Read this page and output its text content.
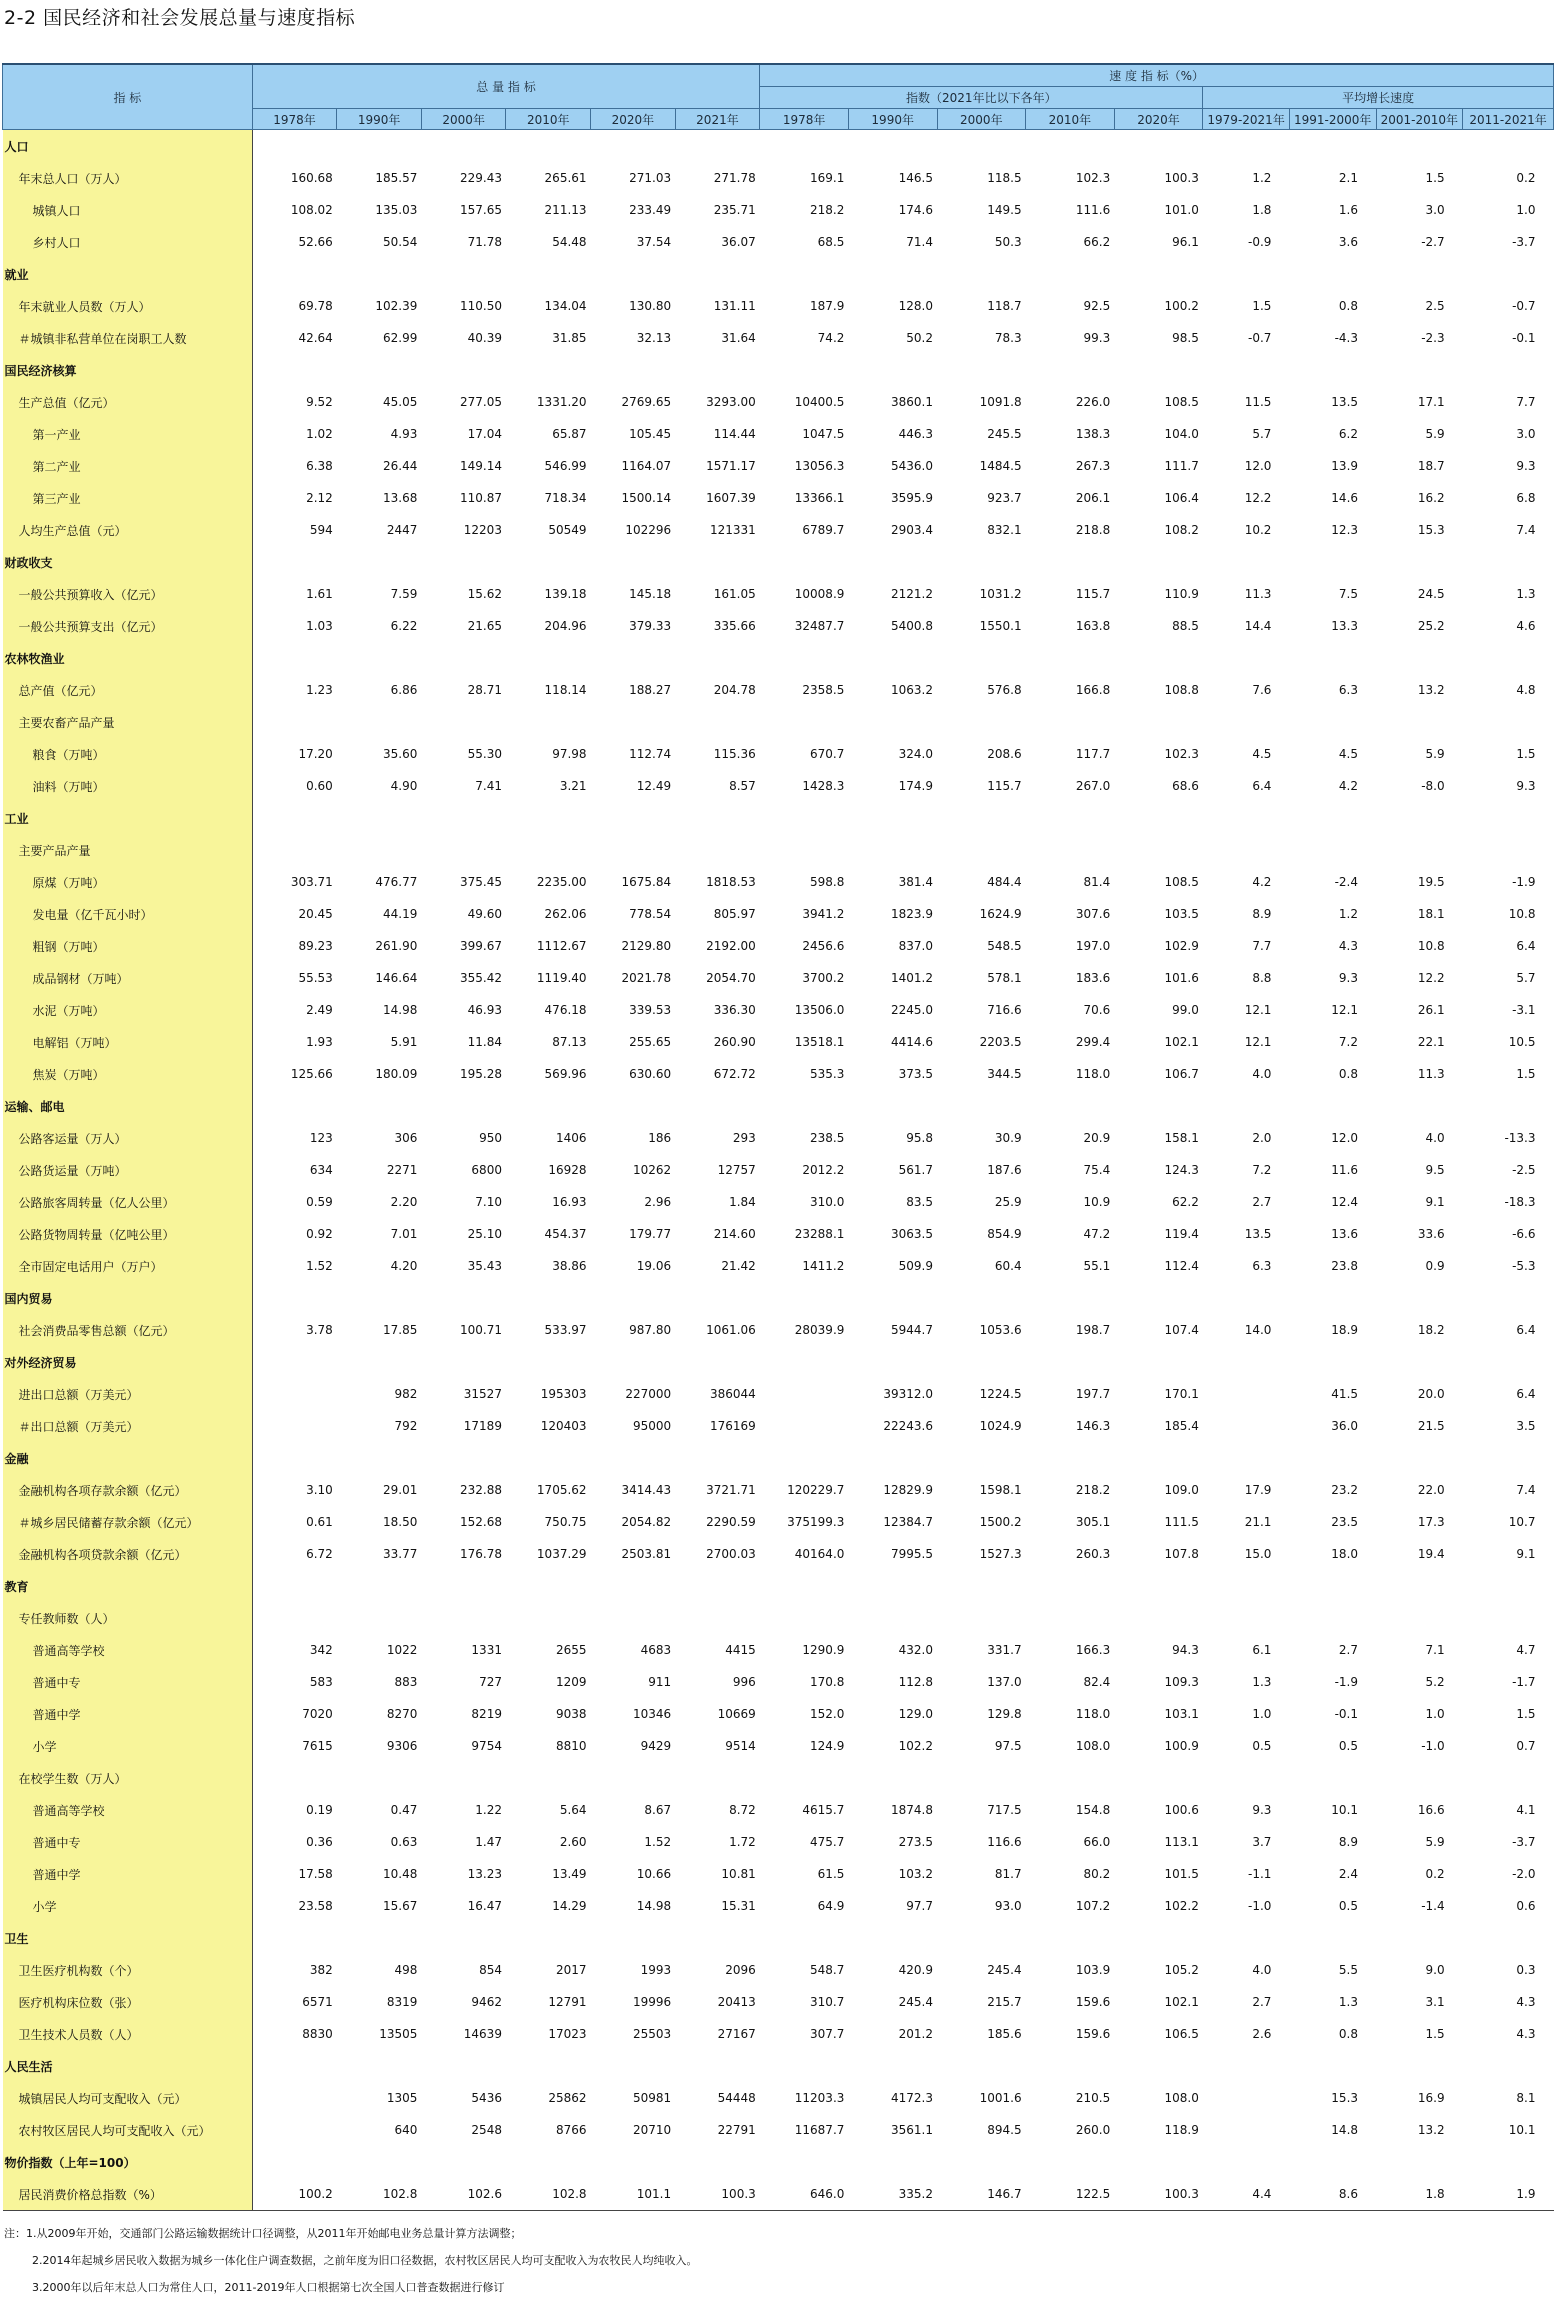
2-2 国民经济和社会发展总量与速度指标
指 标	总 量 指 标						速 度 指 标（%）								
							指数（2021年比以下各年）					平均增长速度			
	1978年	1990年	2000年	2010年	2020年	2021年	1978年	1990年	2000年	2010年	2020年	1979-2021年	1991-2000年	2001-2010年	2011-2021年
人口															
年末总人口（万人）	160.68	185.57	229.43	265.61	271.03	271.78	169.1	146.5	118.5	102.3	100.3	1.2	2.1	1.5	0.2
城镇人口	108.02	135.03	157.65	211.13	233.49	235.71	218.2	174.6	149.5	111.6	101.0	1.8	1.6	3.0	1.0
乡村人口	52.66	50.54	71.78	54.48	37.54	36.07	68.5	71.4	50.3	66.2	96.1	-0.9	3.6	-2.7	-3.7
就业															
年末就业人员数（万人）	69.78	102.39	110.50	134.04	130.80	131.11	187.9	128.0	118.7	92.5	100.2	1.5	0.8	2.5	-0.7
＃城镇非私营单位在岗职工人数	42.64	62.99	40.39	31.85	32.13	31.64	74.2	50.2	78.3	99.3	98.5	-0.7	-4.3	-2.3	-0.1
国民经济核算															
生产总值（亿元）	9.52	45.05	277.05	1331.20	2769.65	3293.00	10400.5	3860.1	1091.8	226.0	108.5	11.5	13.5	17.1	7.7
第一产业	1.02	4.93	17.04	65.87	105.45	114.44	1047.5	446.3	245.5	138.3	104.0	5.7	6.2	5.9	3.0
第二产业	6.38	26.44	149.14	546.99	1164.07	1571.17	13056.3	5436.0	1484.5	267.3	111.7	12.0	13.9	18.7	9.3
第三产业	2.12	13.68	110.87	718.34	1500.14	1607.39	13366.1	3595.9	923.7	206.1	106.4	12.2	14.6	16.2	6.8
人均生产总值（元）	594	2447	12203	50549	102296	121331	6789.7	2903.4	832.1	218.8	108.2	10.2	12.3	15.3	7.4
财政收支															
一般公共预算收入（亿元）	1.61	7.59	15.62	139.18	145.18	161.05	10008.9	2121.2	1031.2	115.7	110.9	11.3	7.5	24.5	1.3
一般公共预算支出（亿元）	1.03	6.22	21.65	204.96	379.33	335.66	32487.7	5400.8	1550.1	163.8	88.5	14.4	13.3	25.2	4.6
农林牧渔业															
总产值（亿元）	1.23	6.86	28.71	118.14	188.27	204.78	2358.5	1063.2	576.8	166.8	108.8	7.6	6.3	13.2	4.8
主要农畜产品产量															
粮食（万吨）	17.20	35.60	55.30	97.98	112.74	115.36	670.7	324.0	208.6	117.7	102.3	4.5	4.5	5.9	1.5
油料（万吨）	0.60	4.90	7.41	3.21	12.49	8.57	1428.3	174.9	115.7	267.0	68.6	6.4	4.2	-8.0	9.3
工业															
主要产品产量															
原煤（万吨）	303.71	476.77	375.45	2235.00	1675.84	1818.53	598.8	381.4	484.4	81.4	108.5	4.2	-2.4	19.5	-1.9
发电量（亿千瓦小时）	20.45	44.19	49.60	262.06	778.54	805.97	3941.2	1823.9	1624.9	307.6	103.5	8.9	1.2	18.1	10.8
粗钢（万吨）	89.23	261.90	399.67	1112.67	2129.80	2192.00	2456.6	837.0	548.5	197.0	102.9	7.7	4.3	10.8	6.4
成品钢材（万吨）	55.53	146.64	355.42	1119.40	2021.78	2054.70	3700.2	1401.2	578.1	183.6	101.6	8.8	9.3	12.2	5.7
水泥（万吨）	2.49	14.98	46.93	476.18	339.53	336.30	13506.0	2245.0	716.6	70.6	99.0	12.1	12.1	26.1	-3.1
电解铝（万吨）	1.93	5.91	11.84	87.13	255.65	260.90	13518.1	4414.6	2203.5	299.4	102.1	12.1	7.2	22.1	10.5
焦炭（万吨）	125.66	180.09	195.28	569.96	630.60	672.72	535.3	373.5	344.5	118.0	106.7	4.0	0.8	11.3	1.5
运输、邮电															
公路客运量（万人）	123	306	950	1406	186	293	238.5	95.8	30.9	20.9	158.1	2.0	12.0	4.0	-13.3
公路货运量（万吨）	634	2271	6800	16928	10262	12757	2012.2	561.7	187.6	75.4	124.3	7.2	11.6	9.5	-2.5
公路旅客周转量（亿人公里）	0.59	2.20	7.10	16.93	2.96	1.84	310.0	83.5	25.9	10.9	62.2	2.7	12.4	9.1	-18.3
公路货物周转量（亿吨公里）	0.92	7.01	25.10	454.37	179.77	214.60	23288.1	3063.5	854.9	47.2	119.4	13.5	13.6	33.6	-6.6
全市固定电话用户（万户）	1.52	4.20	35.43	38.86	19.06	21.42	1411.2	509.9	60.4	55.1	112.4	6.3	23.8	0.9	-5.3
国内贸易															
社会消费品零售总额（亿元）	3.78	17.85	100.71	533.97	987.80	1061.06	28039.9	5944.7	1053.6	198.7	107.4	14.0	18.9	18.2	6.4
对外经济贸易															
进出口总额（万美元）		982	31527	195303	227000	386044		39312.0	1224.5	197.7	170.1		41.5	20.0	6.4
＃出口总额（万美元）		792	17189	120403	95000	176169		22243.6	1024.9	146.3	185.4		36.0	21.5	3.5
金融															
金融机构各项存款余额（亿元）	3.10	29.01	232.88	1705.62	3414.43	3721.71	120229.7	12829.9	1598.1	218.2	109.0	17.9	23.2	22.0	7.4
＃城乡居民储蓄存款余额（亿元）	0.61	18.50	152.68	750.75	2054.82	2290.59	375199.3	12384.7	1500.2	305.1	111.5	21.1	23.5	17.3	10.7
金融机构各项贷款余额（亿元）	6.72	33.77	176.78	1037.29	2503.81	2700.03	40164.0	7995.5	1527.3	260.3	107.8	15.0	18.0	19.4	9.1
教育															
专任教师数（人）															
普通高等学校	342	1022	1331	2655	4683	4415	1290.9	432.0	331.7	166.3	94.3	6.1	2.7	7.1	4.7
普通中专	583	883	727	1209	911	996	170.8	112.8	137.0	82.4	109.3	1.3	-1.9	5.2	-1.7
普通中学	7020	8270	8219	9038	10346	10669	152.0	129.0	129.8	118.0	103.1	1.0	-0.1	1.0	1.5
小学	7615	9306	9754	8810	9429	9514	124.9	102.2	97.5	108.0	100.9	0.5	0.5	-1.0	0.7
在校学生数（万人）															
普通高等学校	0.19	0.47	1.22	5.64	8.67	8.72	4615.7	1874.8	717.5	154.8	100.6	9.3	10.1	16.6	4.1
普通中专	0.36	0.63	1.47	2.60	1.52	1.72	475.7	273.5	116.6	66.0	113.1	3.7	8.9	5.9	-3.7
普通中学	17.58	10.48	13.23	13.49	10.66	10.81	61.5	103.2	81.7	80.2	101.5	-1.1	2.4	0.2	-2.0
小学	23.58	15.67	16.47	14.29	14.98	15.31	64.9	97.7	93.0	107.2	102.2	-1.0	0.5	-1.4	0.6
卫生															
卫生医疗机构数（个）	382	498	854	2017	1993	2096	548.7	420.9	245.4	103.9	105.2	4.0	5.5	9.0	0.3
医疗机构床位数（张）	6571	8319	9462	12791	19996	20413	310.7	245.4	215.7	159.6	102.1	2.7	1.3	3.1	4.3
卫生技术人员数（人）	8830	13505	14639	17023	25503	27167	307.7	201.2	185.6	159.6	106.5	2.6	0.8	1.5	4.3
人民生活															
城镇居民人均可支配收入（元）		1305	5436	25862	50981	54448	11203.3	4172.3	1001.6	210.5	108.0		15.3	16.9	8.1
农村牧区居民人均可支配收入（元）		640	2548	8766	20710	22791	11687.7	3561.1	894.5	260.0	118.9		14.8	13.2	10.1
物价指数（上年=100）															
居民消费价格总指数（%）	100.2	102.8	102.6	102.8	101.1	100.3	646.0	335.2	146.7	122.5	100.3	4.4	8.6	1.8	1.9
注：1.从2009年开始，交通部门公路运输数据统计口径调整，从2011年开始邮电业务总量计算方法调整；
2.2014年起城乡居民收入数据为城乡一体化住户调查数据，之前年度为旧口径数据，农村牧区居民人均可支配收入为农牧民人均纯收入。
3.2000年以后年末总人口为常住人口，2011-2019年人口根据第七次全国人口普查数据进行修订
